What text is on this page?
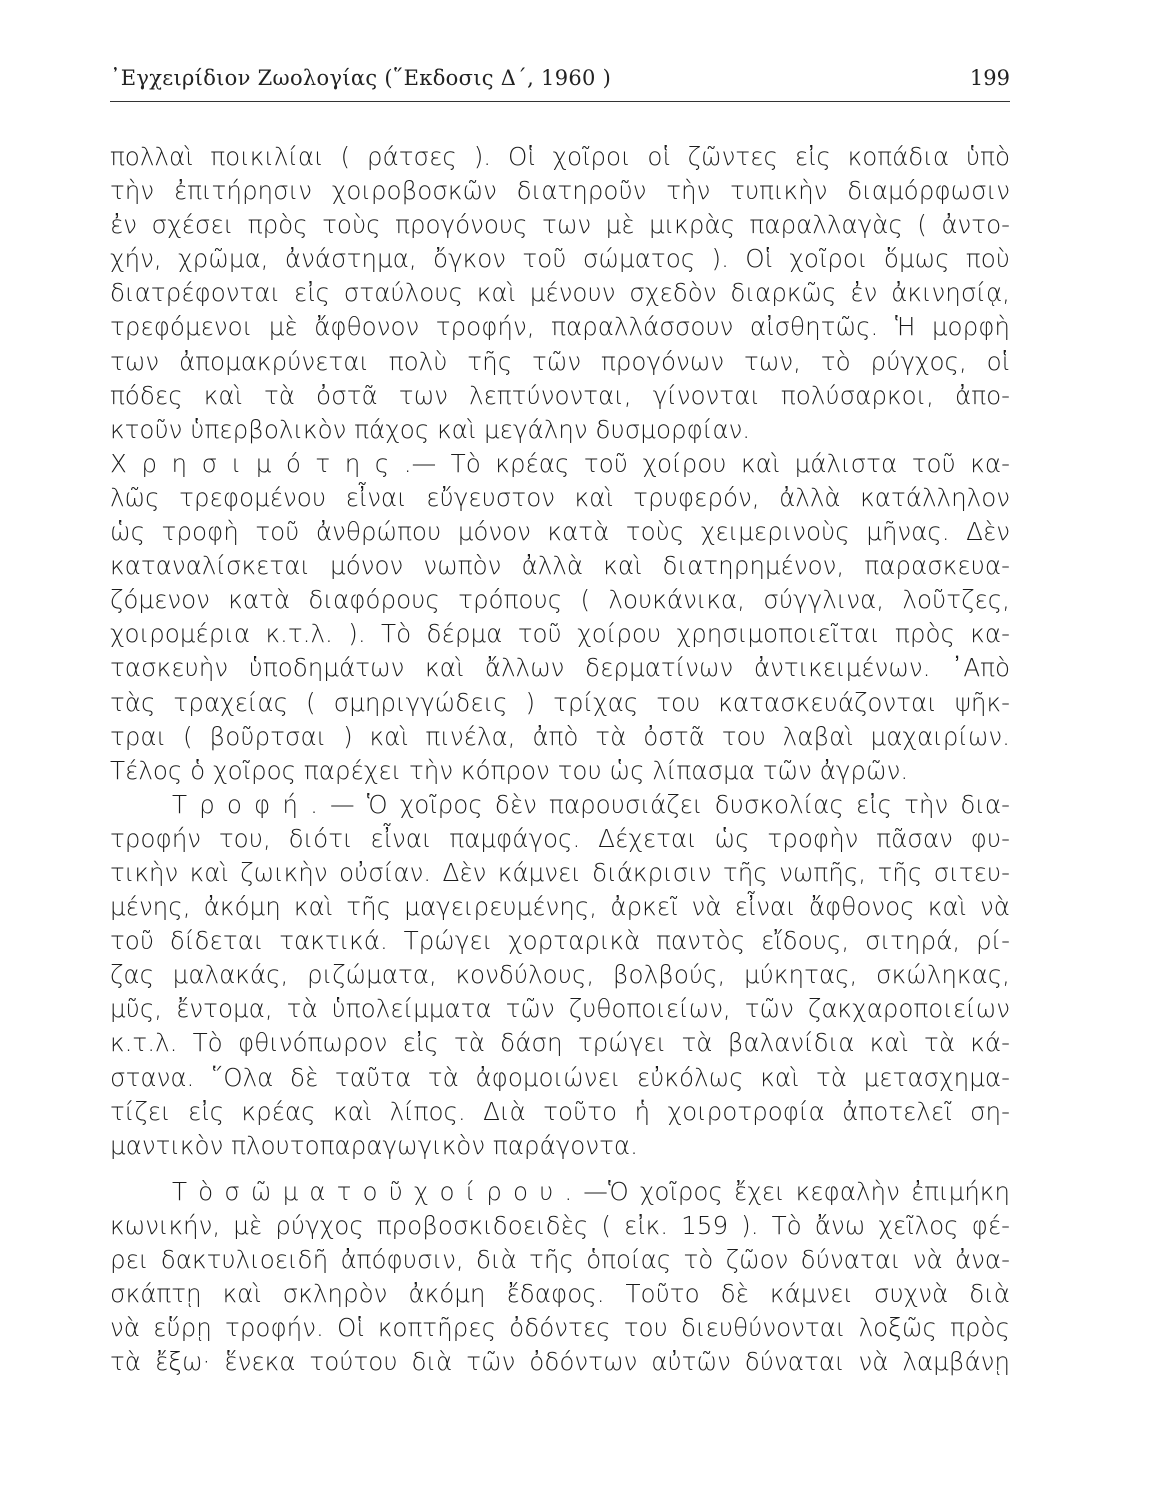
᾿Εγχειρίδιον Ζωολογίας (῞Εκδοσις Δ΄, 1960 )	199
πολλαὶ ποικιλίαι ( ράτσες ). Οἱ χοῖροι οἱ ζῶντες εἰς κοπάδια ὑπὸ
τὴν ἐπιτήρησιν χοιροβοσκῶν διατηροῦν τὴν τυπικὴν διαμόρφωσιν
ἐν σχέσει πρὸς τοὺς προγόνους των μὲ μικρὰς παραλλαγὰς ( ἀντο-
χήν, χρῶμα, ἀνάστημα, ὄγκον τοῦ σώματος ). Οἱ χοῖροι ὅμως ποὺ
διατρέφονται εἰς σταύλους καὶ μένουν σχεδὸν διαρκῶς ἐν ἀκινησίᾳ,
τρεφόμενοι μὲ ἄφθονον τροφήν, παραλλάσσουν αἰσθητῶς. Ἡ μορφὴ
των ἀπομακρύνεται πολὺ τῆς τῶν προγόνων των, τὸ ρύγχος, οἱ
πόδες καὶ τὰ ὀστᾶ των λεπτύνονται, γίνονται πολύσαρκοι, ἀπο-
κτοῦν ὑπερβολικὸν πάχος καὶ μεγάλην δυσμορφίαν.
Χ ρ η σ ι μ ό τ η ς .— Τὸ κρέας τοῦ χοίρου καὶ μάλιστα τοῦ κα-
λῶς τρεφομένου εἶναι εὔγευστον καὶ τρυφερόν, ἀλλὰ κατάλληλον
ὡς τροφὴ τοῦ ἀνθρώπου μόνον κατὰ τοὺς χειμερινοὺς μῆνας. Δὲν
καταναλίσκεται μόνον νωπὸν ἀλλὰ καὶ διατηρημένον, παρασκευα-
ζόμενον κατὰ διαφόρους τρόπους ( λουκάνικα, σύγγλινα, λοῦτζες,
χοιρομέρια κ.τ.λ. ). Τὸ δέρμα τοῦ χοίρου χρησιμοποιεῖται πρὸς κα-
τασκευὴν ὑποδημάτων καὶ ἄλλων δερματίνων ἀντικειμένων. ᾿Απὸ
τὰς τραχείας ( σμηριγγώδεις ) τρίχας του κατασκευάζονται ψῆκ-
τραι ( βοῦρτσαι ) καὶ πινέλα, ἀπὸ τὰ ὀστᾶ του λαβαὶ μαχαιρίων.
Τέλος ὁ χοῖρος παρέχει τὴν κόπρον του ὡς λίπασμα τῶν ἀγρῶν.
Τ ρ ο φ ή . — Ὁ χοῖρος δὲν παρουσιάζει δυσκολίας εἰς τὴν δια-
τροφήν του, διότι εἶναι παμφάγος. Δέχεται ὡς τροφὴν πᾶσαν φυ-
τικὴν καὶ ζωικὴν οὐσίαν. Δὲν κάμνει διάκρισιν τῆς νωπῆς, τῆς σιτευ-
μένης, ἀκόμη καὶ τῆς μαγειρευμένης, ἀρκεῖ νὰ εἶναι ἄφθονος καὶ νὰ
τοῦ δίδεται τακτικά. Τρώγει χορταρικὰ παντὸς εἴδους, σιτηρά, ρί-
ζας μαλακάς, ριζώματα, κονδύλους, βολβούς, μύκητας, σκώληκας,
μῦς, ἔντομα, τὰ ὑπολείμματα τῶν ζυθοποιείων, τῶν ζακχαροποιείων
κ.τ.λ. Τὸ φθινόπωρον εἰς τὰ δάση τρώγει τὰ βαλανίδια καὶ τὰ κά-
στανα. ῞Ολα δὲ ταῦτα τὰ ἀφομοιώνει εὐκόλως καὶ τὰ μετασχημα-
τίζει εἰς κρέας καὶ λίπος. Διὰ τοῦτο ἡ χοιροτροφία ἀποτελεῖ ση-
μαντικὸν πλουτοπαραγωγικὸν παράγοντα.
Τ ὸ σ ῶ μ α τ ο ῦ χ ο ί ρ ο υ . —Ὁ χοῖρος ἔχει κεφαλὴν ἐπιμήκη
κωνικήν, μὲ ρύγχος προβοσκιδοειδὲς ( εἰκ. 159 ). Τὸ ἄνω χεῖλος φέ-
ρει δακτυλιοειδῆ ἀπόφυσιν, διὰ τῆς ὁποίας τὸ ζῶον δύναται νὰ ἀνα-
σκάπτῃ καὶ σκληρὸν ἀκόμη ἔδαφος. Τοῦτο δὲ κάμνει συχνὰ διὰ
νὰ εὕρῃ τροφήν. Οἱ κοπτῆρες ὀδόντες του διευθύνονται λοξῶς πρὸς
τὰ ἔξω· ἕνεκα τούτου διὰ τῶν ὀδόντων αὐτῶν δύναται νὰ λαμβάνῃ
